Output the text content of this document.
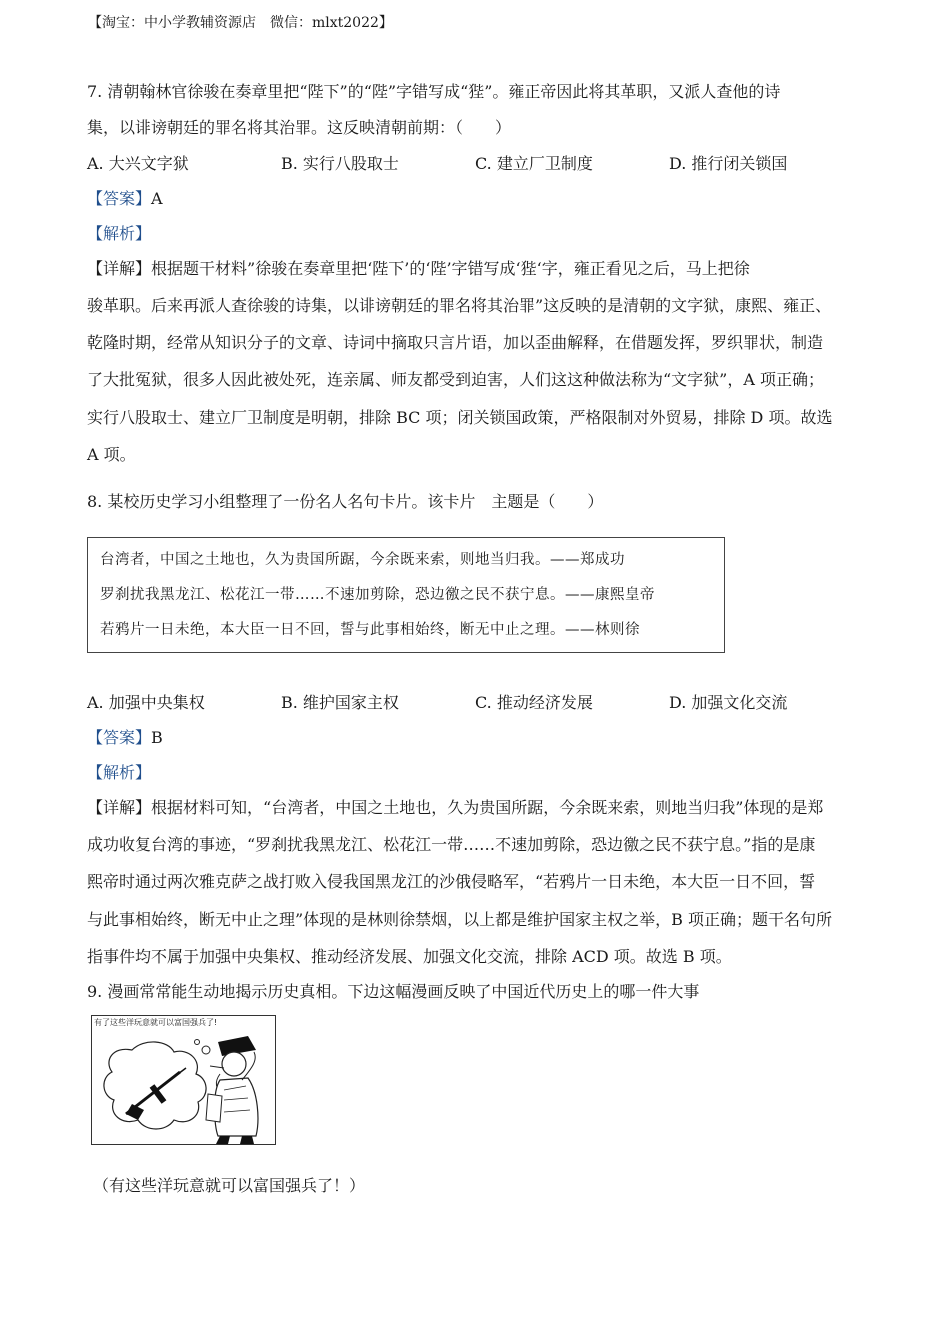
【淘宝：中小学教辅资源店　微信：mlxt2022】
7. 清朝翰林官徐骏在奏章里把“陛下”的“陛”字错写成“狴”。雍正帝因此将其革职，又派人查他的诗
集，以诽谤朝廷的罪名将其治罪。这反映清朝前期：（　　）
A. 大兴文字狱	B. 实行八股取士	C. 建立厂卫制度	D. 推行闭关锁国
【答案】A
【解析】
【详解】根据题干材料”徐骏在奏章里把‘陛下’的‘陛’字错写成‘狴‘字，雍正看见之后，马上把徐
骏革职。后来再派人查徐骏的诗集，以诽谤朝廷的罪名将其治罪”这反映的是清朝的文字狱，康熙、雍正、
乾隆时期，经常从知识分子的文章、诗词中摘取只言片语，加以歪曲解释，在借题发挥，罗织罪状，制造
了大批冤狱，很多人因此被处死，连亲属、师友都受到迫害，人们这这种做法称为“文字狱”，A 项正确；
实行八股取士、建立厂卫制度是明朝，排除 BC 项；闭关锁国政策，严格限制对外贸易，排除 D 项。故选
A 项。
8. 某校历史学习小组整理了一份名人名句卡片。该卡片　主题是（　　）
台湾者，中国之土地也，久为贵国所踞，今余既来索，则地当归我。——郑成功
罗刹扰我黑龙江、松花江一带……不速加剪除，恐边徼之民不获宁息。——康熙皇帝
若鸦片一日未绝，本大臣一日不回，誓与此事相始终，断无中止之理。——林则徐
A. 加强中央集权	B. 维护国家主权	C. 推动经济发展	D. 加强文化交流
【答案】B
【解析】
【详解】根据材料可知，“台湾者，中国之土地也，久为贵国所踞，今余既来索，则地当归我”体现的是郑
成功收复台湾的事迹，“罗刹扰我黑龙江、松花江一带……不速加剪除，恐边徼之民不获宁息。”指的是康
熙帝时通过两次雅克萨之战打败入侵我国黑龙江的沙俄侵略军，“若鸦片一日未绝，本大臣一日不回，誓
与此事相始终，断无中止之理”体现的是林则徐禁烟，以上都是维护国家主权之举，B 项正确；题干名句所
指事件均不属于加强中央集权、推动经济发展、加强文化交流，排除 ACD 项。故选 B 项。
9. 漫画常常能生动地揭示历史真相。下边这幅漫画反映了中国近代历史上的哪一件大事
有了这些洋玩意就可以富国强兵了!
（有这些洋玩意就可以富国强兵了！）
